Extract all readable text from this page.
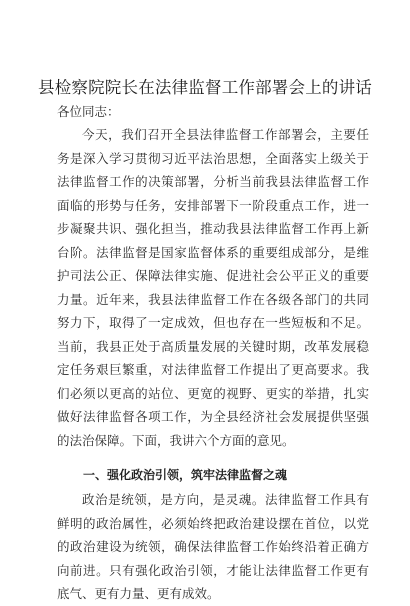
县检察院院长在法律监督工作部署会上的讲话
各位同志：
今天，我们召开全县法律监督工作部署会，主要任务是深入学习贯彻习近平法治思想，全面落实上级关于法律监督工作的决策部署，分析当前我县法律监督工作面临的形势与任务，安排部署下一阶段重点工作，进一步凝聚共识、强化担当，推动我县法律监督工作再上新台阶。法律监督是国家监督体系的重要组成部分，是维护司法公正、保障法律实施、促进社会公平正义的重要力量。近年来，我县法律监督工作在各级各部门的共同努力下，取得了一定成效，但也存在一些短板和不足。当前，我县正处于高质量发展的关键时期，改革发展稳定任务艰巨繁重，对法律监督工作提出了更高要求。我们必须以更高的站位、更宽的视野、更实的举措，扎实做好法律监督各项工作，为全县经济社会发展提供坚强的法治保障。下面，我讲六个方面的意见。
一、强化政治引领，筑牢法律监督之魂
政治是统领，是方向，是灵魂。法律监督工作具有鲜明的政治属性，必须始终把政治建设摆在首位，以党的政治建设为统领，确保法律监督工作始终沿着正确方向前进。只有强化政治引领，才能让法律监督工作更有底气、更有力量、更有成效。
